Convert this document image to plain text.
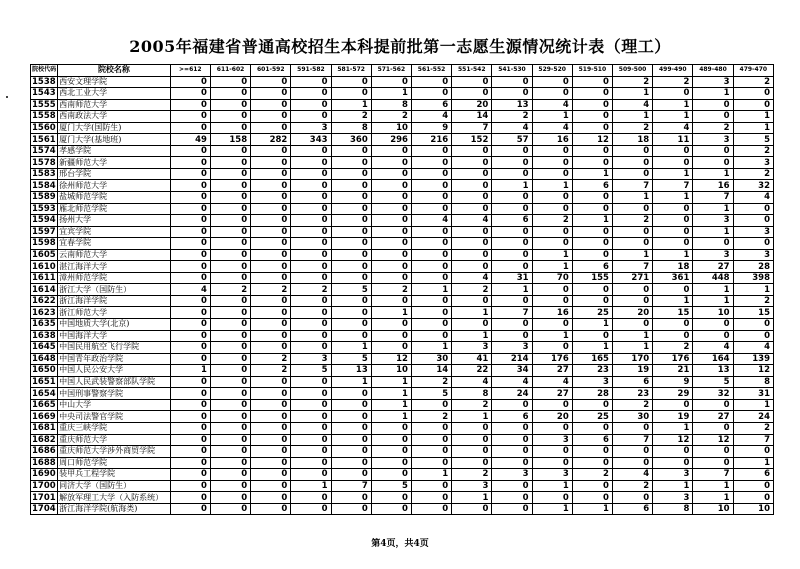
2005年福建省普通高校招生本科提前批第一志愿生源情况统计表（理工）
院校代码	院校名称	>=612	611-602	601-592	591-582	581-572	571-562	561-552	551-542	541-530	529-520	519-510	509-500	499-490	489-480	479-470
1538	西安文理学院	0	0	0	0	0	0	0	0	0	0	0	2	2	3	2
1543	西北工业大学	0	0	0	0	0	1	0	0	0	0	0	1	0	1	0
1555	西南师范大学	0	0	0	0	1	8	6	20	13	4	0	4	1	0	0
1558	西南政法大学	0	0	0	0	2	2	4	14	2	1	0	1	1	0	1
1560	厦门大学(国防生)	0	0	0	3	8	10	9	7	4	4	0	2	4	2	1
1561	厦门大学(基地班)	49	158	282	343	360	296	216	152	57	16	12	18	11	3	5
1574	孝感学院	0	0	0	0	0	0	0	0	0	0	0	0	0	0	2
1578	新疆师范大学	0	0	0	0	0	0	0	0	0	0	0	0	0	0	3
1583	邢台学院	0	0	0	0	0	0	0	0	0	0	1	0	1	1	2
1584	徐州师范大学	0	0	0	0	0	0	0	0	1	1	6	7	7	16	32
1589	盐城师范学院	0	0	0	0	0	0	0	0	0	0	0	1	1	7	4
1593	雁北师范学院	0	0	0	0	0	0	0	0	0	0	0	0	0	1	0
1594	扬州大学	0	0	0	0	0	0	4	4	6	2	1	2	0	3	0
1597	宜宾学院	0	0	0	0	0	0	0	0	0	0	0	0	0	1	3
1598	宜春学院	0	0	0	0	0	0	0	0	0	0	0	0	0	0	0
1605	云南师范大学	0	0	0	0	0	0	0	0	0	1	0	1	1	3	3
1610	湛江海洋大学	0	0	0	0	0	0	0	0	0	1	6	7	18	27	28
1611	漳州师范学院	0	0	0	0	0	0	0	4	31	70	155	271	361	448	398
1614	浙江大学（国防生）	4	2	2	2	5	2	1	2	1	0	0	0	0	1	1
1622	浙江海洋学院	0	0	0	0	0	0	0	0	0	0	0	0	1	1	2
1623	浙江师范大学	0	0	0	0	0	1	0	1	7	16	25	20	15	10	15
1635	中国地质大学(北京)	0	0	0	0	0	0	0	0	0	0	1	0	0	0	0
1638	中国海洋大学	0	0	0	0	0	0	0	1	0	1	0	1	0	0	0
1645	中国民用航空飞行学院	0	0	0	0	1	0	1	3	3	0	1	1	2	4	4
1648	中国青年政治学院	0	0	2	3	5	12	30	41	214	176	165	170	176	164	139
1650	中国人民公安大学	1	0	2	5	13	10	14	22	34	27	23	19	21	13	12
1651	中国人民武装警察部队学院	0	0	0	0	1	1	2	4	4	4	3	6	9	5	8
1654	中国刑事警察学院	0	0	0	0	0	1	5	8	24	27	28	23	29	32	31
1665	中山大学	0	0	0	0	0	1	0	2	0	0	0	2	0	0	1
1669	中央司法警官学院	0	0	0	0	0	1	2	1	6	20	25	30	19	27	24
1681	重庆三峡学院	0	0	0	0	0	0	0	0	0	0	0	0	1	0	2
1682	重庆师范大学	0	0	0	0	0	0	0	0	0	3	6	7	12	12	7
1686	重庆师范大学涉外商贸学院	0	0	0	0	0	0	0	0	0	0	0	0	0	0	0
1688	周口师范学院	0	0	0	0	0	0	0	0	0	0	0	0	0	0	1
1690	装甲兵工程学院	0	0	0	0	0	0	1	2	3	3	2	4	3	7	6
1700	同济大学（国防生）	0	0	0	1	7	5	0	3	0	1	0	2	1	1	0
1701	解放军理工大学（入防系统）	0	0	0	0	0	0	0	1	0	0	0	0	3	1	0
1704	浙江海洋学院(航海类)	0	0	0	0	0	0	0	0	0	1	1	6	8	10	10
第4页，共4页
